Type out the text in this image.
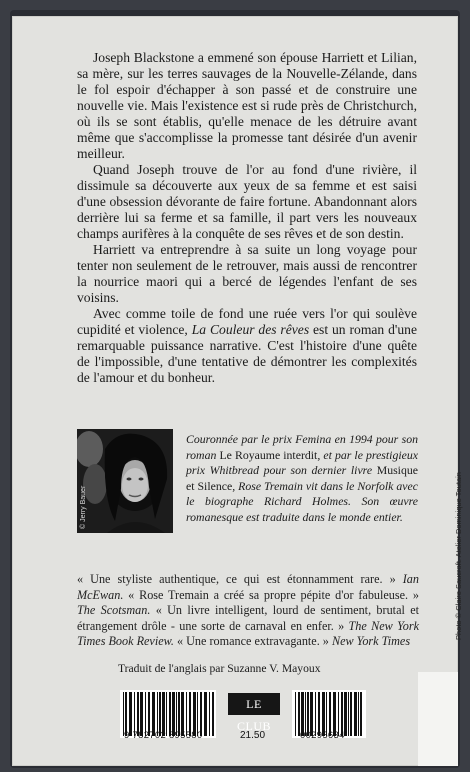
Joseph Blackstone a emmené son épouse Harriett et Lilian, sa mère, sur les terres sauvages de la Nouvelle-Zélande, dans le fol espoir d'échapper à son passé et de construire une nouvelle vie. Mais l'existence est si rude près de Christchurch, où ils se sont établis, qu'elle menace de les détruire avant même que s'accomplisse la promesse tant désirée d'un avenir meilleur.

Quand Joseph trouve de l'or au fond d'une rivière, il dissimule sa découverte aux yeux de sa femme et est saisi d'une obsession dévorante de faire fortune. Abandonnant alors derrière lui sa ferme et sa famille, il part vers les nouveaux champs aurifères à la conquête de ses rêves et de son destin.

Harriett va entreprendre à sa suite un long voyage pour tenter non seulement de le retrouver, mais aussi de rencontrer la nourrice maori qui a bercé de légendes l'enfant de ses voisins.

Avec comme toile de fond une ruée vers l'or qui soulève cupidité et violence, La Couleur des rêves est un roman d'une remarquable puissance narrative. C'est l'histoire d'une quête de l'impossible, d'une tentative de démontrer les complexités de l'amour et du bonheur.

© Jerry Bauer
Couronnée par le prix Femina en 1994 pour son roman Le Royaume interdit, et par le prestigieux prix Whitbread pour son dernier livre Musique et Silence, Rose Tremain vit dans le Norfolk avec le biographe Richard Holmes. Son œuvre romanesque est traduite dans le monde entier.
« Une styliste authentique, ce qui est étonnamment rare. » Ian McEwan. « Rose Tremain a créé sa propre pépite d'or fabuleuse. » The Scotsman. « Un livre intelligent, lourd de sentiment, brutal et étrangement drôle - une sorte de carnaval en enfer. » The New York Times Book Review. « Une romance extravagante. » New York Times
Traduit de l'anglais par Suzanne V. Mayoux
Photo © Claire Saucroft. Atelier Dominique Toutain
9 782702 895580
LE CLUB
21.50	00295634
